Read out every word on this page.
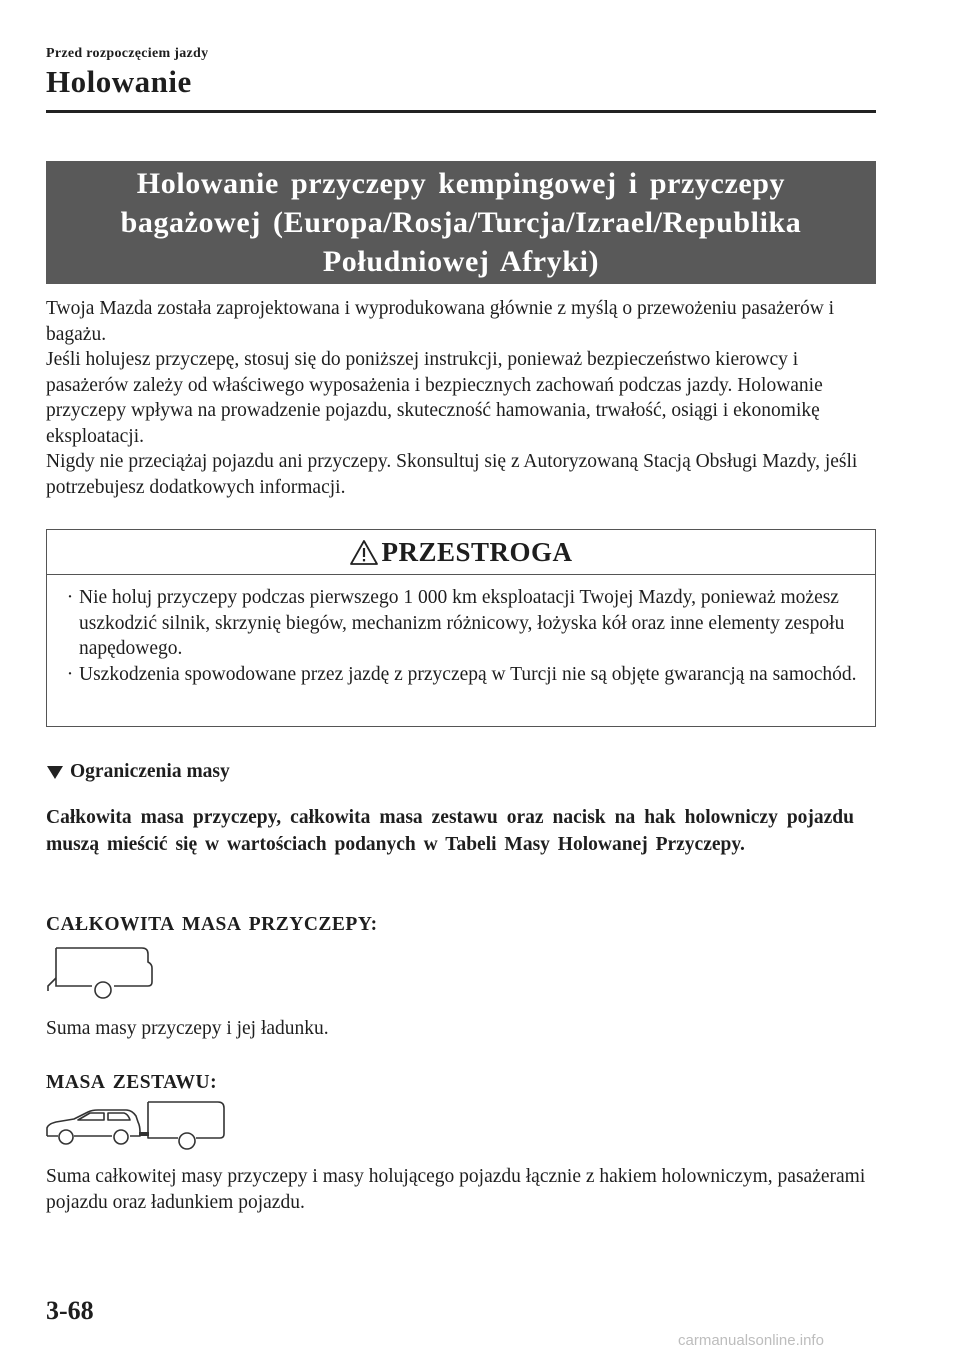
Przed rozpoczęciem jazdy
Holowanie
Holowanie przyczepy kempingowej i przyczepy
bagażowej (Europa/Rosja/Turcja/Izrael/Republika
Południowej Afryki)

Twoja Mazda została zaprojektowana i wyprodukowana głównie z myślą o przewożeniu pasażerów i bagażu.

Jeśli holujesz przyczepę, stosuj się do poniższej instrukcji, ponieważ bezpieczeństwo kierowcy i pasażerów zależy od właściwego wyposażenia i bezpiecznych zachowań podczas jazdy. Holowanie przyczepy wpływa na prowadzenie pojazdu, skuteczność hamowania, trwałość, osiągi i ekonomikę eksploatacji.

Nigdy nie przeciążaj pojazdu ani przyczepy. Skonsultuj się z Autoryzowaną Stacją Obsługi Mazdy, jeśli potrzebujesz dodatkowych informacji.

PRZESTROGA
· Nie holuj przyczepy podczas pierwszego 1 000 km eksploatacji Twojej Mazdy, ponieważ możesz uszkodzić silnik, skrzynię biegów, mechanizm różnicowy, łożyska kół oraz inne elementy zespołu napędowego.
· Uszkodzenia spowodowane przez jazdę z przyczepą w Turcji nie są objęte gwarancją na samochód.
Ograniczenia masy
Całkowita masa przyczepy, całkowita masa zestawu oraz nacisk na hak holowniczy pojazdu muszą mieścić się w wartościach podanych w Tabeli Masy Holowanej Przyczepy.
CAŁKOWITA MASA PRZYCZEPY:
Suma masy przyczepy i jej ładunku.
MASA ZESTAWU:
Suma całkowitej masy przyczepy i masy holującego pojazdu łącznie z hakiem holowniczym, pasażerami pojazdu oraz ładunkiem pojazdu.
3-68
carmanualsonline.info
